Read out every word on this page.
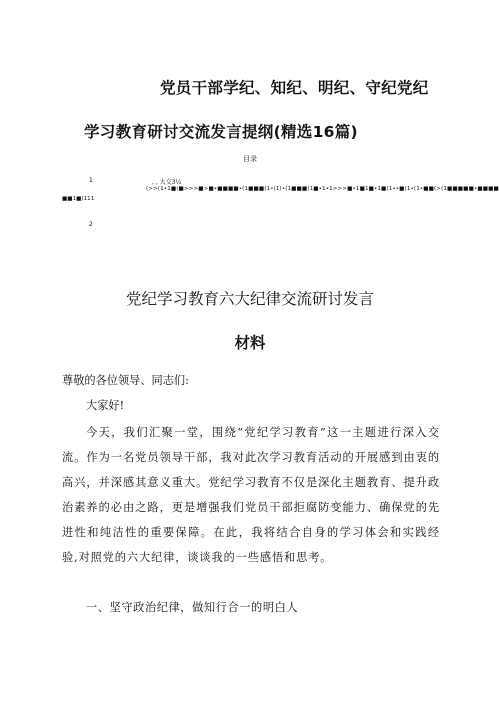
党员干部学纪、知纪、明纪、守纪党纪
学习教育研讨交流发言提纲(精选16篇)
目录
1	, , 大交3¼
(>>(1•1■(■>>>■>■•■■■■•(1■■■(1•(1(•(1■■■(1■•1•1>>>■•1■1■•1■(1••■(1•(1•■■(>(1■■■■■•■■■■
■■1■(111
2
党纪学习教育六大纪律交流研讨发言
材料
尊敬的各位领导、同志们:
大家好!
今天，我们汇聚一堂，围绕“党纪学习教育”这一主题进行深入交流。作为一名党员领导干部，我对此次学习教育活动的开展感到由衷的高兴，并深感其意义重大。党纪学习教育不仅是深化主题教育、提升政治素养的必由之路，更是增强我们党员干部拒腐防变能力、确保党的先进性和纯洁性的重要保障。在此，我将结合自身的学习体会和实践经验,对照党的六大纪律，谈谈我的一些感悟和思考。
一、坚守政治纪律，做知行合一的明白人
